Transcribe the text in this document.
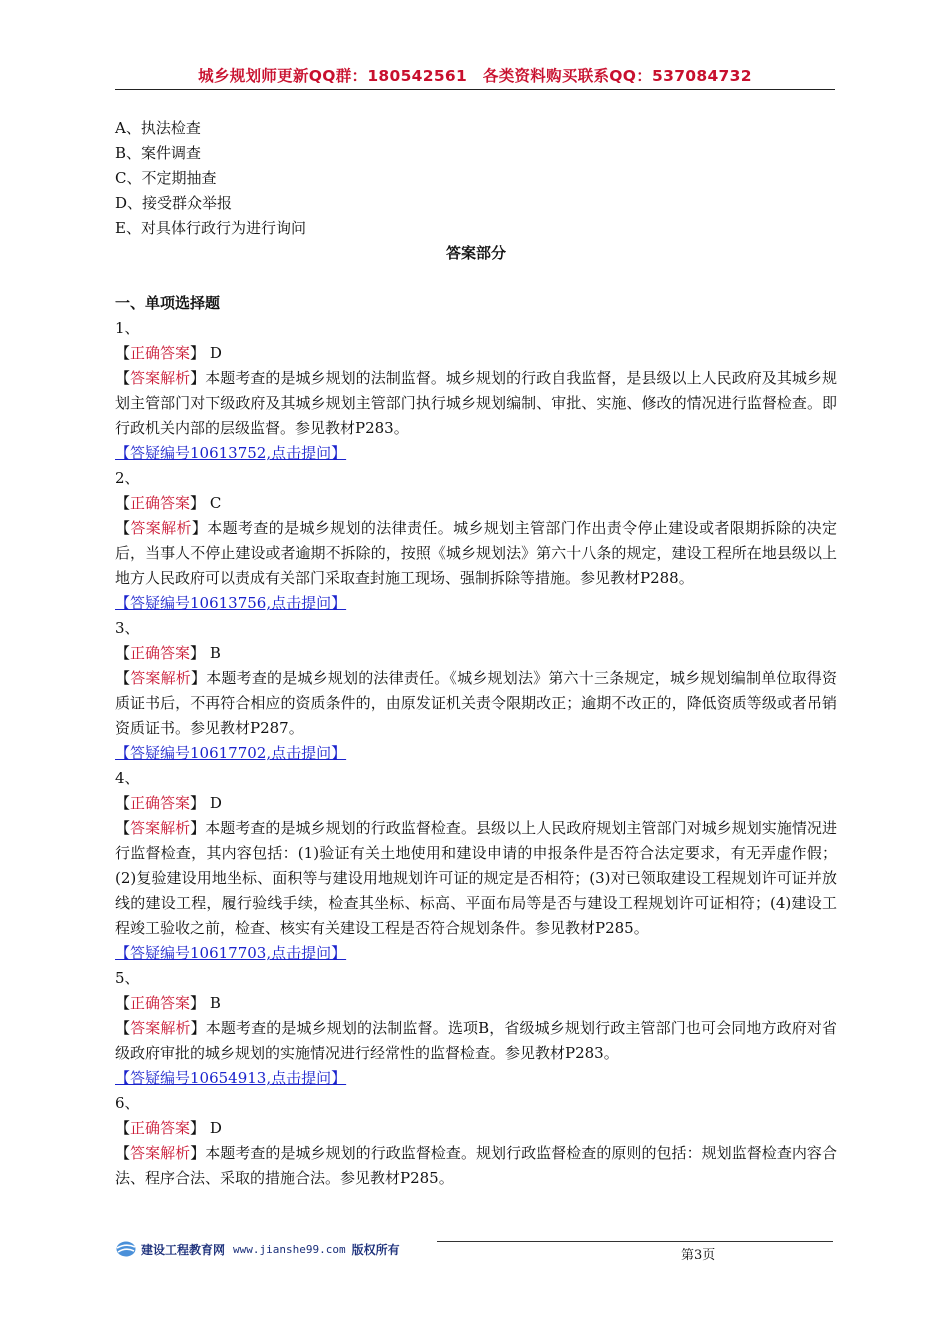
城乡规划师更新QQ群：180542561　各类资料购买联系QQ：537084732
A、执法检查
B、案件调查
C、不定期抽查
D、接受群众举报
E、对具体行政行为进行询问
答案部分
一、单项选择题
1、
【正确答案】 D
【答案解析】本题考查的是城乡规划的法制监督。城乡规划的行政自我监督，是县级以上人民政府及其城乡规划主管部门对下级政府及其城乡规划主管部门执行城乡规划编制、审批、实施、修改的情况进行监督检查。即行政机关内部的层级监督。参见教材P283。
【答疑编号10613752,点击提问】
2、
【正确答案】 C
【答案解析】本题考查的是城乡规划的法律责任。城乡规划主管部门作出责令停止建设或者限期拆除的决定后，当事人不停止建设或者逾期不拆除的，按照《城乡规划法》第六十八条的规定，建设工程所在地县级以上地方人民政府可以责成有关部门采取查封施工现场、强制拆除等措施。参见教材P288。
【答疑编号10613756,点击提问】
3、
【正确答案】 B
【答案解析】本题考查的是城乡规划的法律责任。《城乡规划法》第六十三条规定，城乡规划编制单位取得资质证书后，不再符合相应的资质条件的，由原发证机关责令限期改正；逾期不改正的，降低资质等级或者吊销资质证书。参见教材P287。
【答疑编号10617702,点击提问】
4、
【正确答案】 D
【答案解析】本题考查的是城乡规划的行政监督检查。县级以上人民政府规划主管部门对城乡规划实施情况进行监督检查，其内容包括：(1)验证有关土地使用和建设申请的申报条件是否符合法定要求，有无弄虚作假；(2)复验建设用地坐标、面积等与建设用地规划许可证的规定是否相符；(3)对已领取建设工程规划许可证并放线的建设工程，履行验线手续，检查其坐标、标高、平面布局等是否与建设工程规划许可证相符；(4)建设工程竣工验收之前，检查、核实有关建设工程是否符合规划条件。参见教材P285。
【答疑编号10617703,点击提问】
5、
【正确答案】 B
【答案解析】本题考查的是城乡规划的法制监督。选项B，省级城乡规划行政主管部门也可会同地方政府对省级政府审批的城乡规划的实施情况进行经常性的监督检查。参见教材P283。
【答疑编号10654913,点击提问】
6、
【正确答案】 D
【答案解析】本题考查的是城乡规划的行政监督检查。规划行政监督检查的原则的包括：规划监督检查内容合法、程序合法、采取的措施合法。参见教材P285。
建设工程教育网 www.jianshe99.com 版权所有	第3页
